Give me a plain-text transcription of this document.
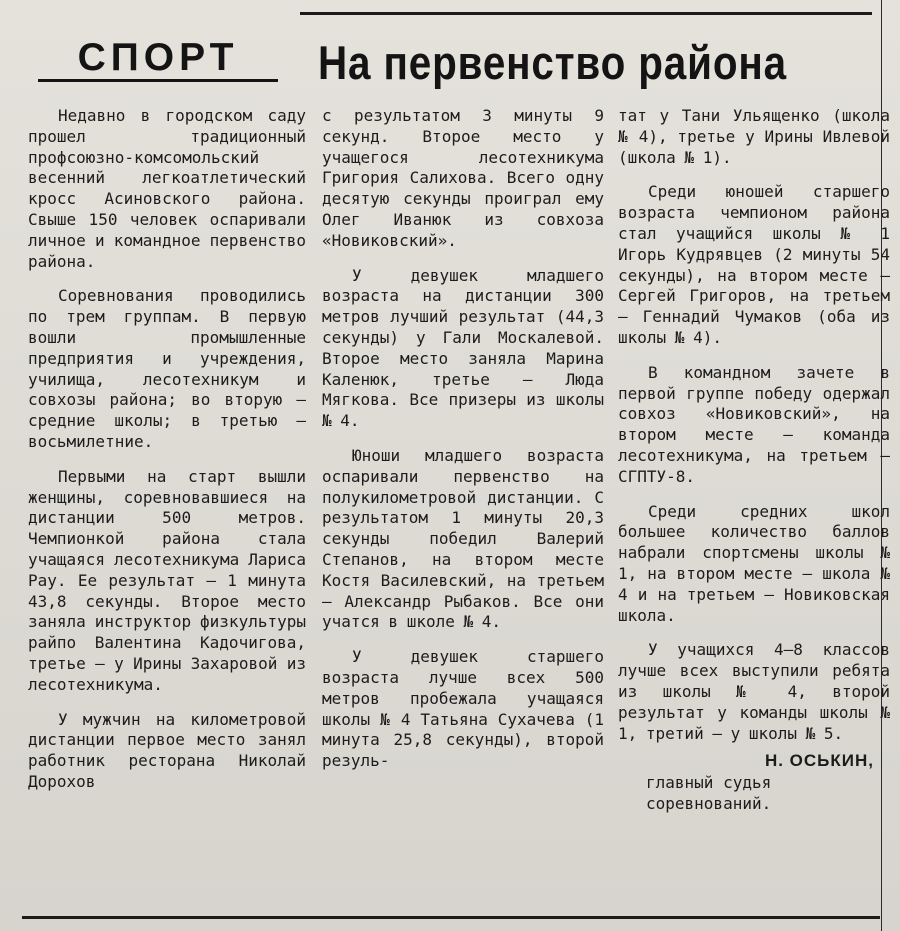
СПОРТ	На первенство района

Недавно в городском саду прошел традиционный профсоюзно-комсомольский весенний легкоатлетический кросс Асиновского района. Свыше 150 человек оспаривали личное и командное первенство района.

Соревнования проводились по трем группам. В первую вошли промышленные предприятия и учреждения, училища, лесотехникум и совхозы района; во вторую — средние школы; в третью — восьмилетние.

Первыми на старт вышли женщины, соревновавшиеся на дистанции 500 метров. Чемпионкой района стала учащаяся лесотехникума Лариса Рау. Ее результат — 1 минута 43,8 секунды. Второе место заняла инструктор физкультуры райпо Валентина Кадочигова, третье — у Ирины Захаровой из лесотехникума.

У мужчин на километровой дистанции первое место занял работник ресторана Николай Дорохов

с результатом 3 минуты 9 секунд. Второе место у учащегося лесотехникума Григория Салихова. Всего одну десятую секунды проиграл ему Олег Иванюк из совхоза «Новиковский».

У девушек младшего возраста на дистанции 300 метров лучший результат (44,3 секунды) у Гали Москалевой. Второе место заняла Марина Каленюк, третье — Люда Мягкова. Все призеры из школы № 4.

Юноши младшего возраста оспаривали первенство на полукилометровой дистанции. С результатом 1 минуты 20,3 секунды победил Валерий Степанов, на втором месте Костя Василевский, на третьем — Александр Рыбаков. Все они учатся в школе № 4.

У девушек старшего возраста лучше всех 500 метров пробежала учащаяся школы № 4 Татьяна Сухачева (1 минута 25,8 секунды), второй резуль-

тат у Тани Ульященко (школа № 4), третье у Ирины Ивлевой (школа № 1).

Среди юношей старшего возраста чемпионом района стал учащийся школы № 1 Игорь Кудрявцев (2 минуты 54 секунды), на втором месте — Сергей Григоров, на третьем — Геннадий Чумаков (оба из школы № 4).

В командном зачете в первой группе победу одержал совхоз «Новиковский», на втором месте — команда лесотехникума, на третьем — СГПТУ-8.

Среди средних школ большее количество баллов набрали спортсмены школы № 1, на втором месте — школа № 4 и на третьем — Новиковская школа.

У учащихся 4—8 классов лучше всех выступили ребята из школы № 4, второй результат у команды школы № 1, третий — у школы № 5.

Н. ОСЬКИН,
главный судья соревнований.
